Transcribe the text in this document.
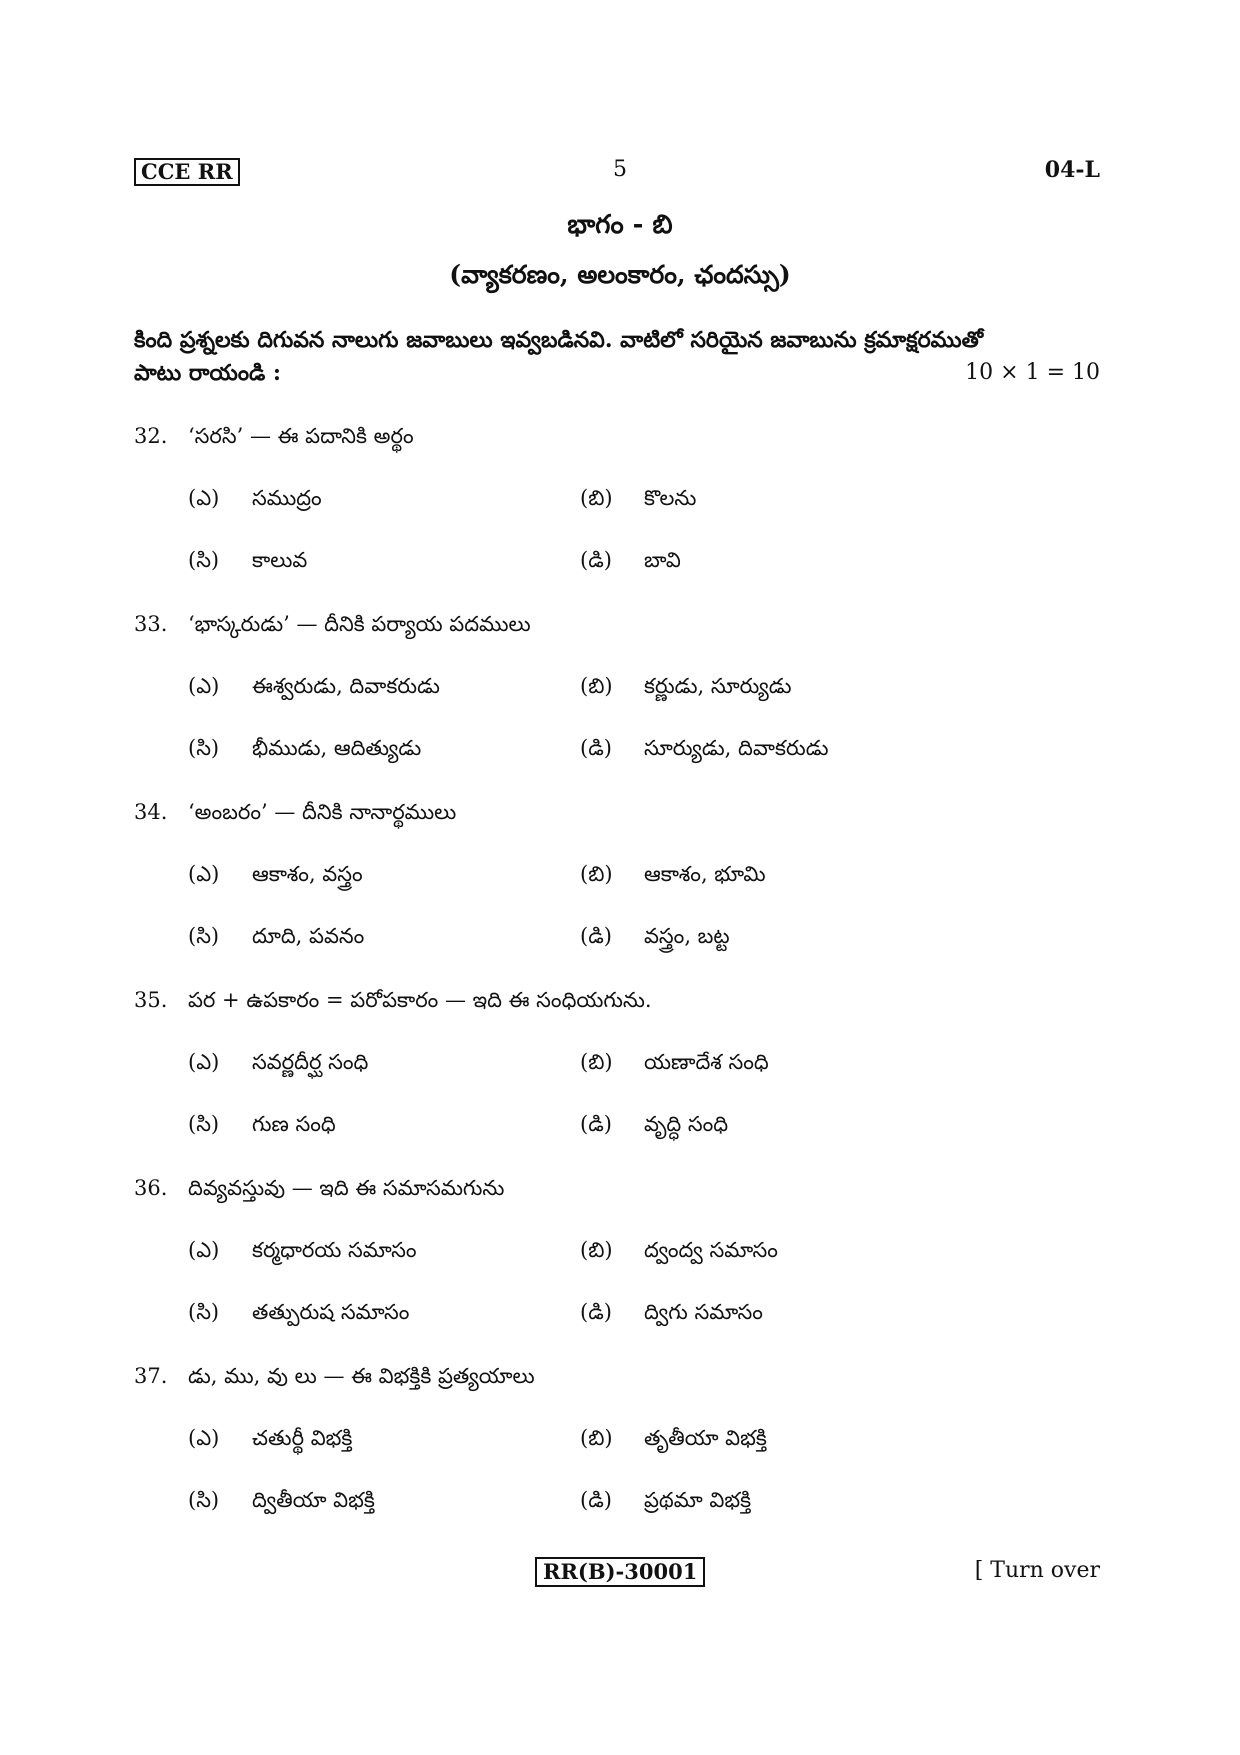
5
CCE RR	04-L
భాగం - బి
(వ్యాకరణం, అలంకారం, ఛందస్సు)
కింది ప్రశ్నలకు దిగువన నాలుగు జవాబులు ఇవ్వబడినవి. వాటిలో సరియైన జవాబును క్రమాక్షరముతో
పాటు రాయండి :	10 × 1 = 10
32. ‘సరసి’ — ఈ పదానికి అర్థం
(ఎ) సముద్రం	(బి) కొలను
(సి) కాలువ	(డి) బావి
33. ‘భాస్కరుడు’ — దీనికి పర్యాయ పదములు
(ఎ) ఈశ్వరుడు, దివాకరుడు	(బి) కర్ణుడు, సూర్యుడు
(సి) భీముడు, ఆదిత్యుడు	(డి) సూర్యుడు, దివాకరుడు
34. ‘అంబరం’ — దీనికి నానార్థములు
(ఎ) ఆకాశం, వస్త్రం	(బి) ఆకాశం, భూమి
(సి) దూది, పవనం	(డి) వస్త్రం, బట్ట
35. పర + ఉపకారం = పరోపకారం — ఇది ఈ సంధియగును.
(ఎ) సవర్ణదీర్ఘ సంధి	(బి) యణాదేశ సంధి
(సి) గుణ సంధి	(డి) వృద్ధి సంధి
36. దివ్యవస్తువు — ఇది ఈ సమాసమగును
(ఎ) కర్మధారయ సమాసం	(బి) ద్వంద్వ సమాసం
(సి) తత్పురుష సమాసం	(డి) ద్విగు సమాసం
37. డు, ము, వు లు — ఈ విభక్తికి ప్రత్యయాలు
(ఎ) చతుర్థీ విభక్తి	(బి) తృతీయా విభక్తి
(సి) ద్వితీయా విభక్తి	(డి) ప్రథమా విభక్తి
RR(B)-30001	[ Turn over
